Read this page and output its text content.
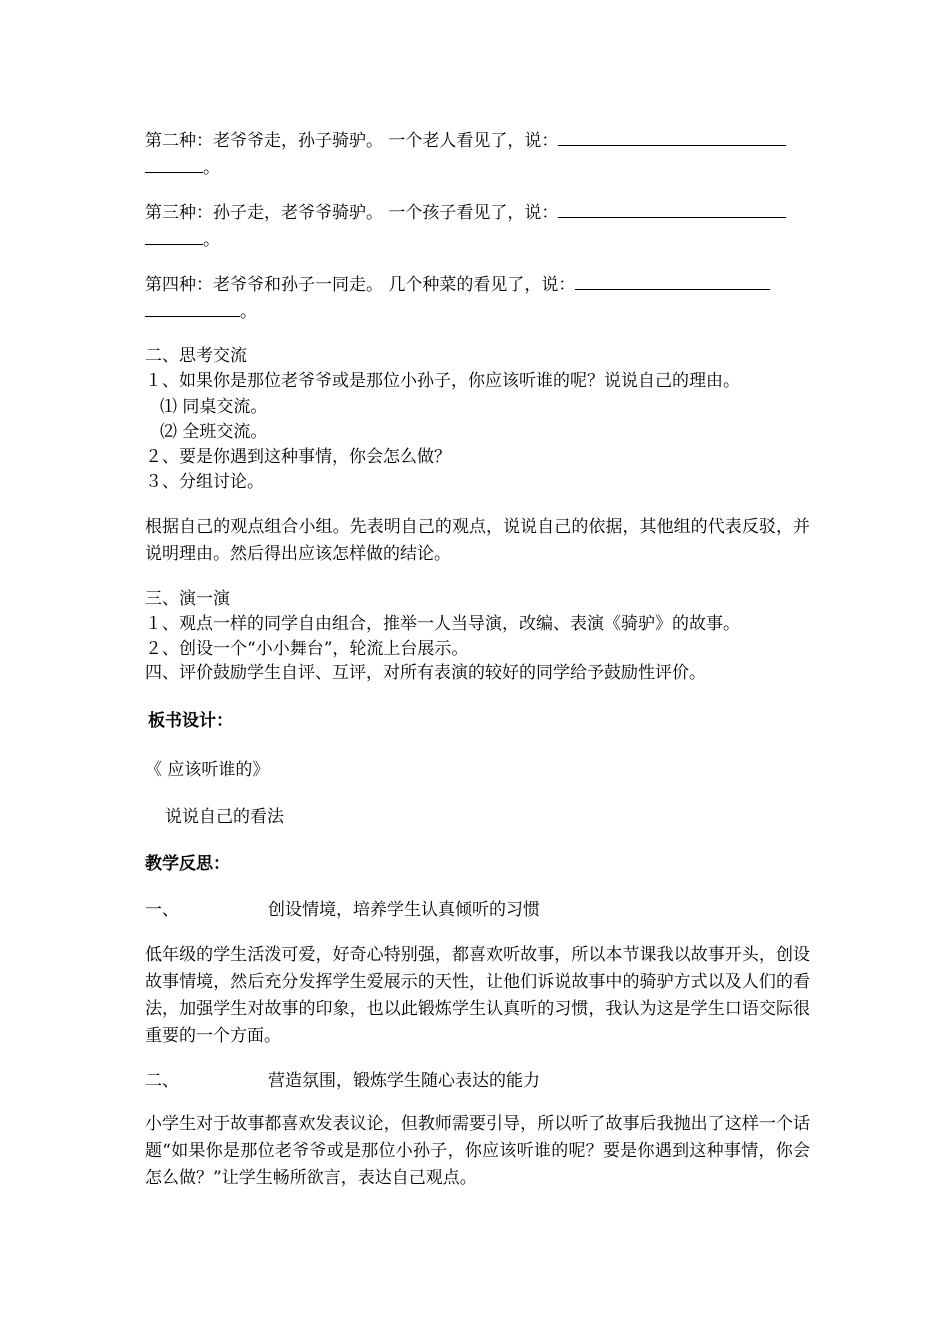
第二种：老爷爷走，孙子骑驴。 一个老人看见了，说：
。
第三种：孙子走，老爷爷骑驴。 一个孩子看见了，说：
。
第四种：老爷爷和孙子一同走。 几个种菜的看见了，说：
。
二、思考交流
１、如果你是那位老爷爷或是那位小孙子，你应该听谁的呢？说说自己的理由。
⑴ 同桌交流。
⑵ 全班交流。
２、要是你遇到这种事情，你会怎么做？
３、分组讨论。
根据自己的观点组合小组。先表明自己的观点，说说自己的依据，其他组的代表反驳，并说明理由。然后得出应该怎样做的结论。
三、演一演
１、观点一样的同学自由组合，推举一人当导演，改编、表演《骑驴》的故事。
２、创设一个“小小舞台”，轮流上台展示。
四、评价鼓励学生自评、互评，对所有表演的较好的同学给予鼓励性评价。
板书设计：
《 应该听谁的》
说说自己的看法
教学反思：
一、	创设情境，培养学生认真倾听的习惯
低年级的学生活泼可爱，好奇心特别强，都喜欢听故事，所以本节课我以故事开头，创设故事情境，然后充分发挥学生爱展示的天性，让他们诉说故事中的骑驴方式以及人们的看法，加强学生对故事的印象，也以此锻炼学生认真听的习惯，我认为这是学生口语交际很重要的一个方面。
二、	营造氛围，锻炼学生随心表达的能力
小学生对于故事都喜欢发表议论，但教师需要引导，所以听了故事后我抛出了这样一个话题“如果你是那位老爷爷或是那位小孙子，你应该听谁的呢？要是你遇到这种事情，你会怎么做？”让学生畅所欲言，表达自己观点。
